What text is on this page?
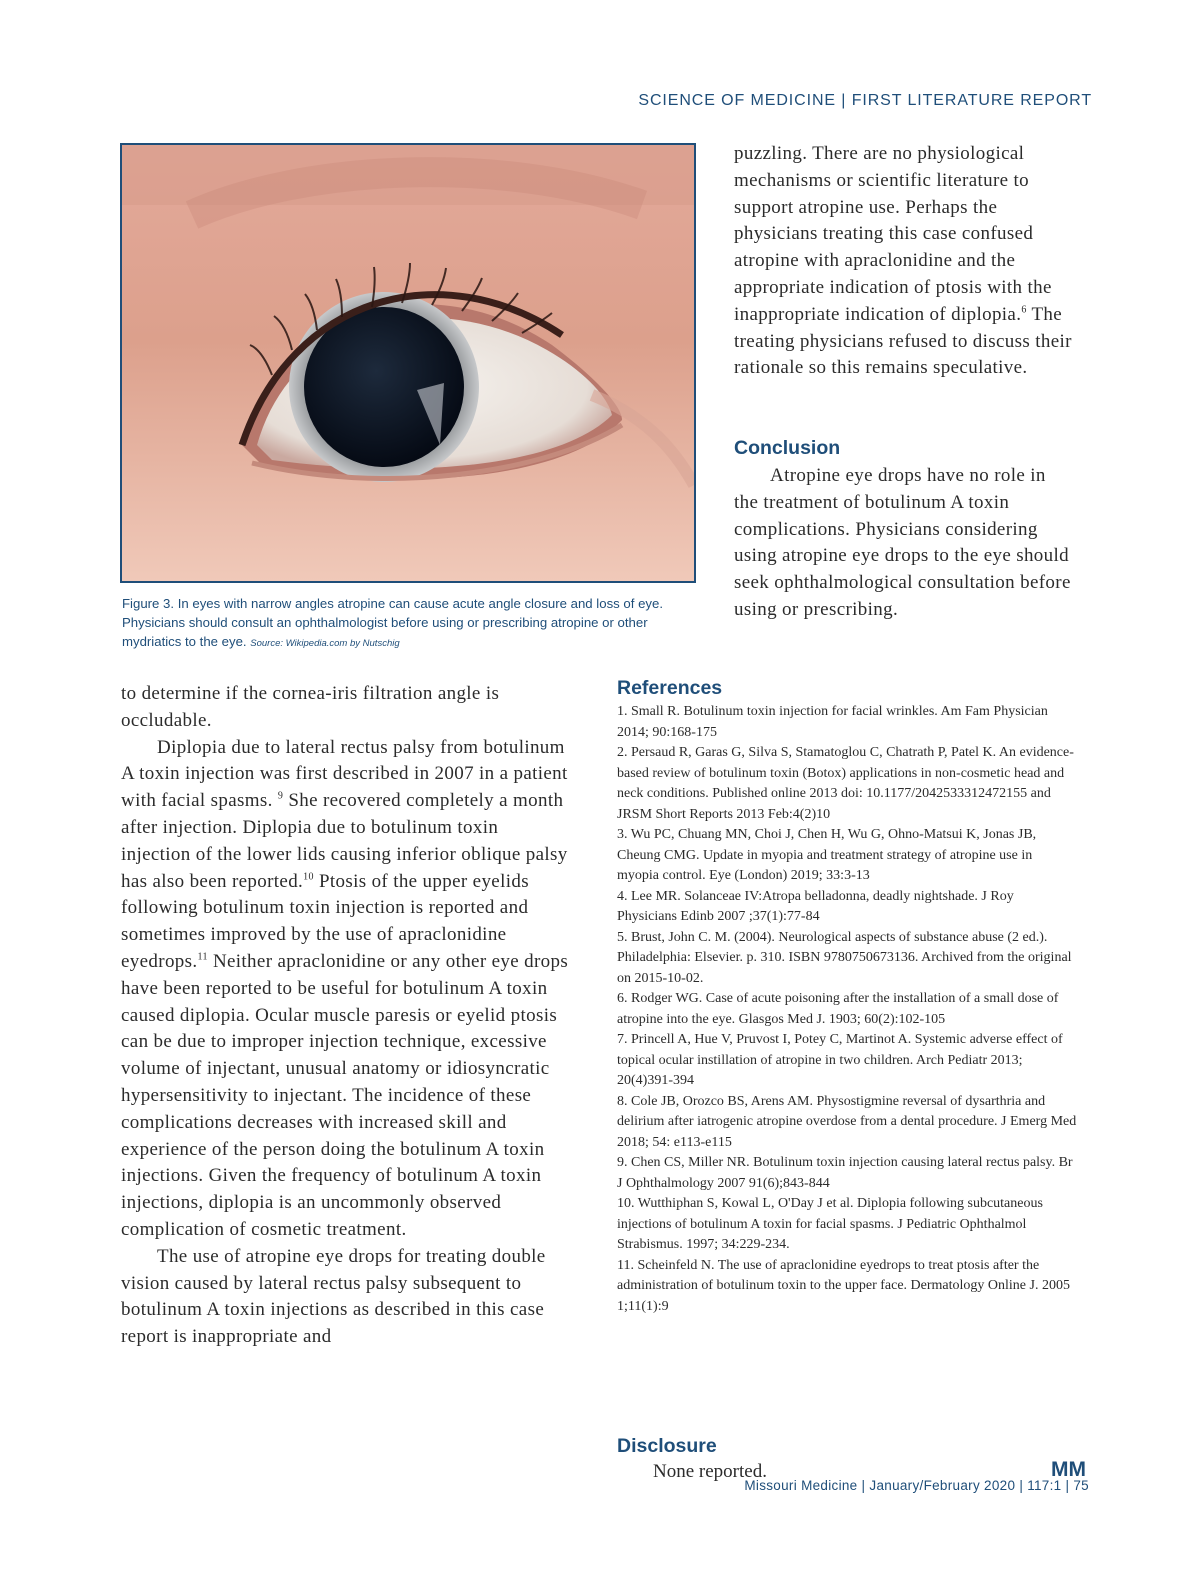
SCIENCE OF MEDICINE | FIRST LITERATURE REPORT
Figure 3. In eyes with narrow angles atropine can cause acute angle closure and loss of eye. Physicians should consult an ophthalmologist before using or prescribing atropine or other mydriatics to the eye. Source: Wikipedia.com by Nutschig

puzzling. There are no physiological mechanisms or scientific literature to support atropine use. Perhaps the physicians treating this case confused atropine with apraclonidine and the appropriate indication of ptosis with the inappropriate indication of diplopia.$^6$ The treating physicians refused to discuss their rationale so this remains speculative.

Conclusion

Atropine eye drops have no role in the treatment of botulinum A toxin complications. Physicians considering using atropine eye drops to the eye should seek ophthalmological consultation before using or prescribing.

to determine if the cornea-iris filtration angle is occludable.

Diplopia due to lateral rectus palsy from botulinum A toxin injection was first described in 2007 in a patient with facial spasms. $^9$ She recovered completely a month after injection. Diplopia due to botulinum toxin injection of the lower lids causing inferior oblique palsy has also been reported.$^{10}$ Ptosis of the upper eyelids following botulinum toxin injection is reported and sometimes improved by the use of apraclonidine eyedrops.$^{11}$ Neither apraclonidine or any other eye drops have been reported to be useful for botulinum A toxin caused diplopia. Ocular muscle paresis or eyelid ptosis can be due to improper injection technique, excessive volume of injectant, unusual anatomy or idiosyncratic hypersensitivity to injectant. The incidence of these complications decreases with increased skill and experience of the person doing the botulinum A toxin injections. Given the frequency of botulinum A toxin injections, diplopia is an uncommonly observed complication of cosmetic treatment.

The use of atropine eye drops for treating double vision caused by lateral rectus palsy subsequent to botulinum A toxin injections as described in this case report is inappropriate and

References
1. Small R. Botulinum toxin injection for facial wrinkles. Am Fam Physician 2014; 90:168-175
2. Persaud R, Garas G, Silva S, Stamatoglou C, Chatrath P, Patel K. An evidence-based review of botulinum toxin (Botox) applications in non-cosmetic head and neck conditions. Published online 2013 doi: 10.1177/2042533312472155 and JRSM Short Reports 2013 Feb:4(2)10
3. Wu PC, Chuang MN, Choi J, Chen H, Wu G, Ohno-Matsui K, Jonas JB, Cheung CMG. Update in myopia and treatment strategy of atropine use in myopia control. Eye (London) 2019; 33:3-13
4. Lee MR. Solanceae IV:Atropa belladonna, deadly nightshade. J Roy Physicians Edinb 2007 ;37(1):77-84
5. Brust, John C. M. (2004). Neurological aspects of substance abuse (2 ed.). Philadelphia: Elsevier. p. 310. ISBN 9780750673136. Archived from the original on 2015-10-02.
6. Rodger WG. Case of acute poisoning after the installation of a small dose of atropine into the eye. Glasgos Med J. 1903; 60(2):102-105
7. Princell A, Hue V, Pruvost I, Potey C, Martinot A. Systemic adverse effect of topical ocular instillation of atropine in two children. Arch Pediatr 2013; 20(4)391-394
8. Cole JB, Orozco BS, Arens AM. Physostigmine reversal of dysarthria and delirium after iatrogenic atropine overdose from a dental procedure. J Emerg Med 2018; 54: e113-e115
9. Chen CS, Miller NR. Botulinum toxin injection causing lateral rectus palsy. Br J Ophthalmology 2007 91(6);843-844
10. Wutthiphan S, Kowal L, O'Day J et al. Diplopia following subcutaneous injections of botulinum A toxin for facial spasms. J Pediatric Ophthalmol Strabismus. 1997; 34:229-234.
11. Scheinfeld N. The use of apraclonidine eyedrops to treat ptosis after the administration of botulinum toxin to the upper face. Dermatology Online J. 2005 1;11(1):9
Disclosure
None reported.	MM
Missouri Medicine | January/February 2020 | 117:1 | 75
